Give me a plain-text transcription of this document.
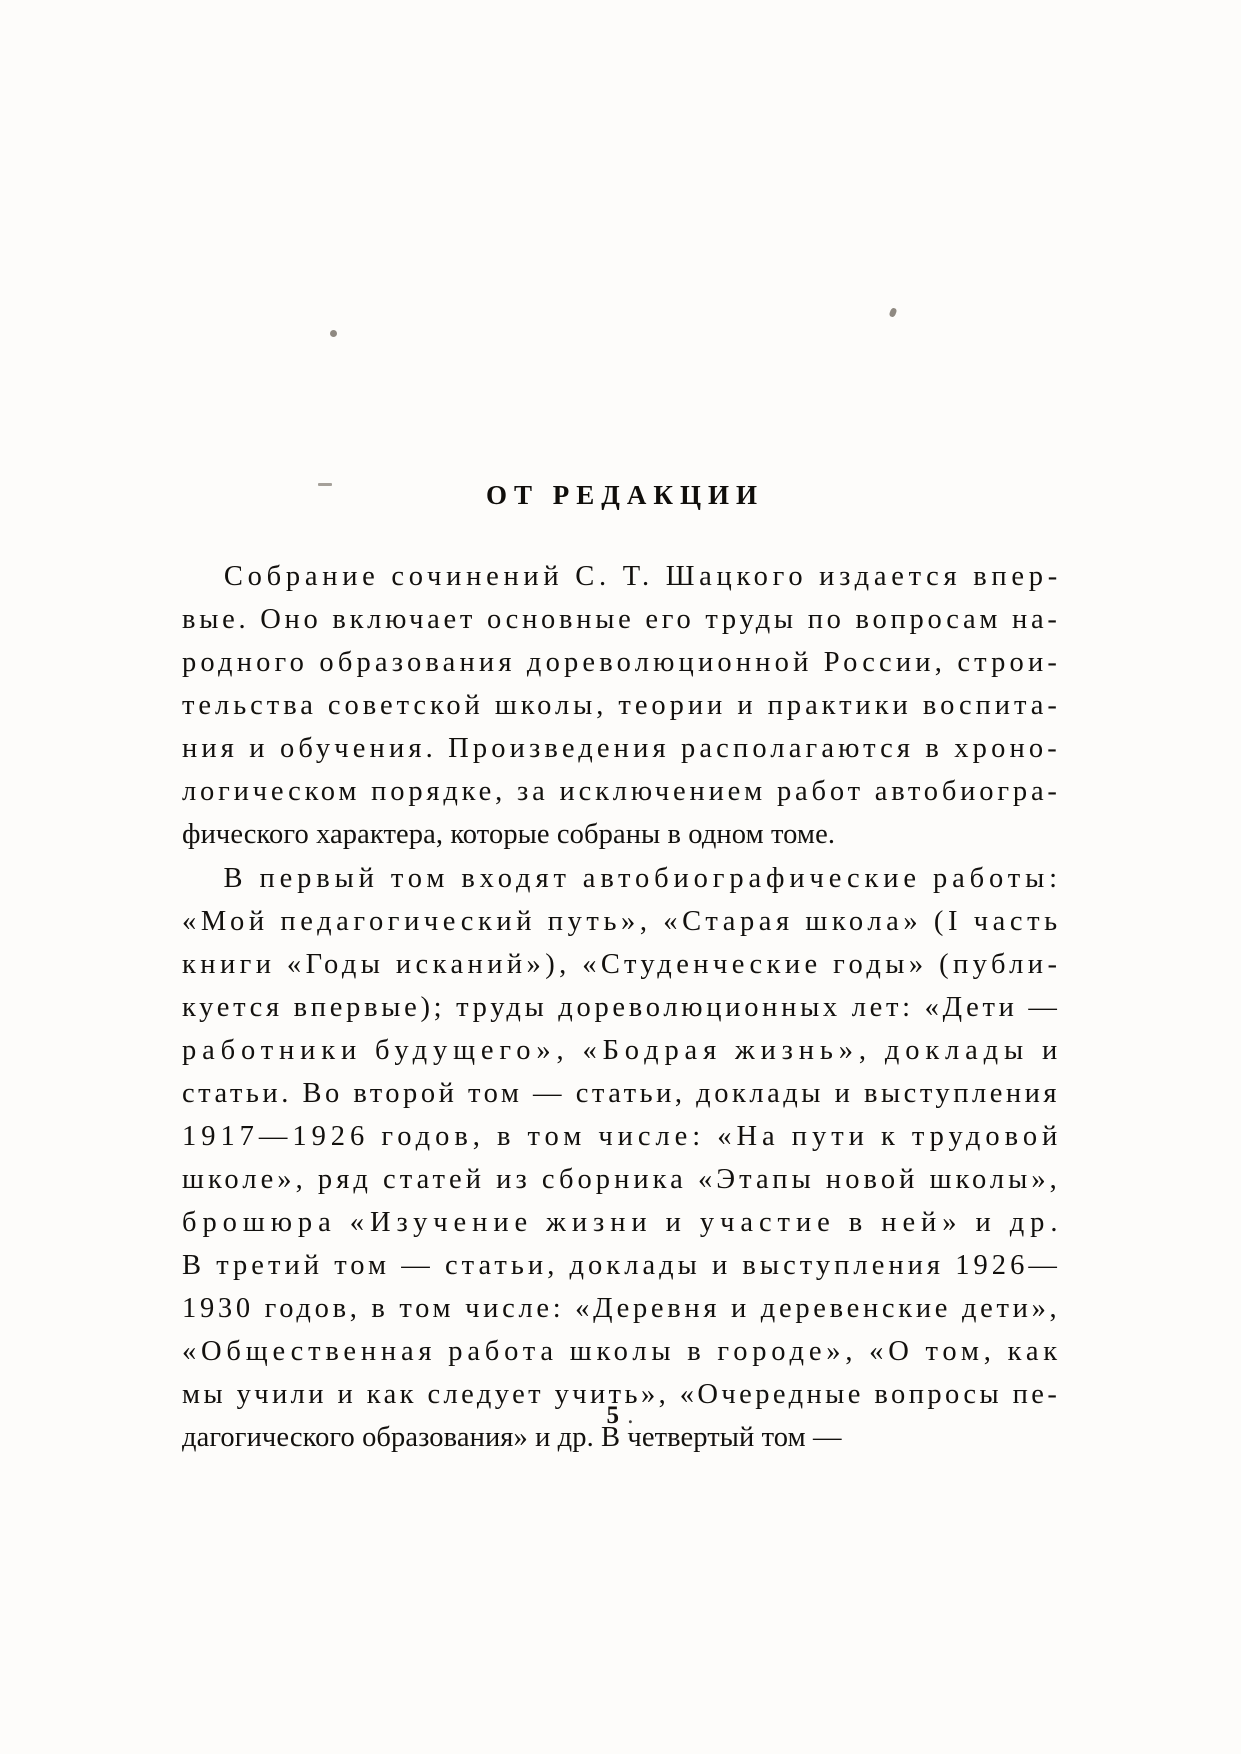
ОТ РЕДАКЦИИ
Собрание сочинений С. Т. Шацкого издается впер-
вые. Оно включает основные его труды по вопросам на-
родного образования дореволюционной России, строи-
тельства советской школы, теории и практики воспита-
ния и обучения. Произведения располагаются в хроно-
логическом порядке, за исключением работ автобиогра-
фического характера, которые собраны в одном томе.
В первый том входят автобиографические работы:
«Мой педагогический путь», «Старая школа» (I часть
книги «Годы исканий»), «Студенческие годы» (публи-
куется впервые); труды дореволюционных лет: «Дети —
работники будущего», «Бодрая жизнь», доклады и
статьи. Во второй том — статьи, доклады и выступления
1917—1926 годов, в том числе: «На пути к трудовой
школе», ряд статей из сборника «Этапы новой школы»,
брошюра «Изучение жизни и участие в ней» и др.
В третий том — статьи, доклады и выступления 1926—
1930 годов, в том числе: «Деревня и деревенские дети»,
«Общественная работа школы в городе», «О том, как
мы учили и как следует учить», «Очередные вопросы пе-
дагогического образования» и др. В четвертый том —
5 .
